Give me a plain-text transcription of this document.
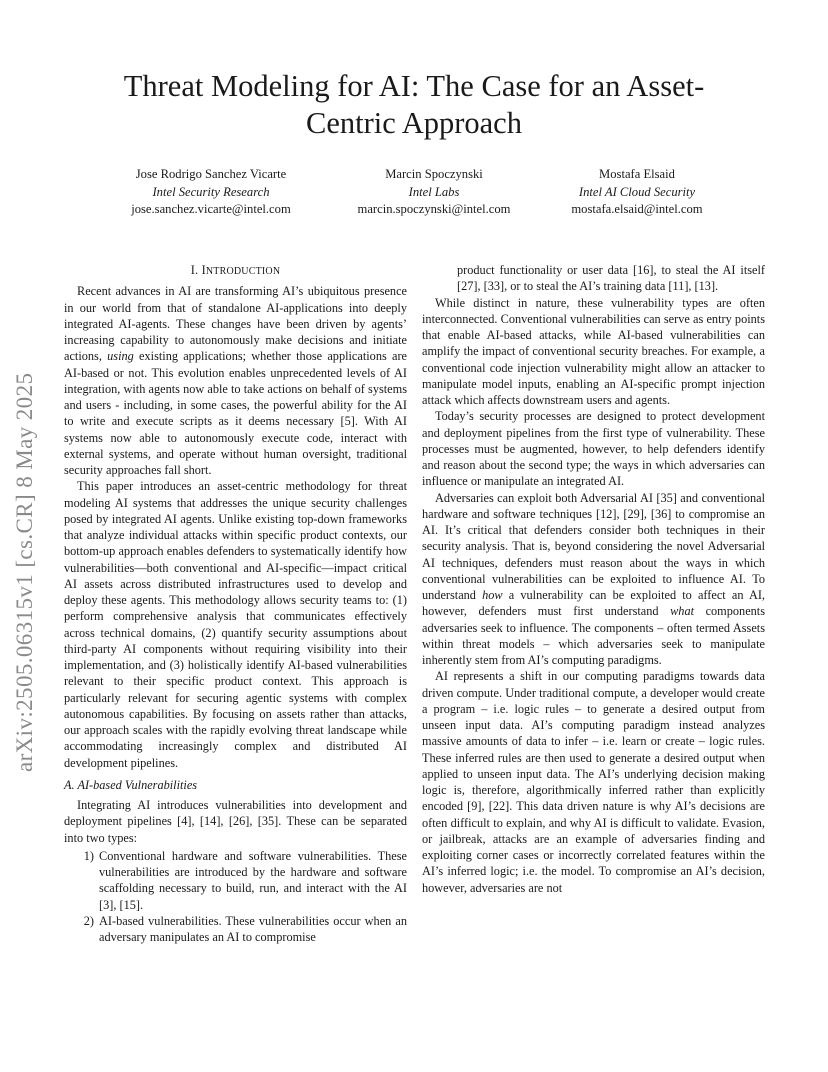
Threat Modeling for AI: The Case for an Asset-Centric Approach
Jose Rodrigo Sanchez Vicarte
Intel Security Research
jose.sanchez.vicarte@intel.com
Marcin Spoczynski
Intel Labs
marcin.spoczynski@intel.com
Mostafa Elsaid
Intel AI Cloud Security
mostafa.elsaid@intel.com
arXiv:2505.06315v1 [cs.CR] 8 May 2025
I. INTRODUCTION

Recent advances in AI are transforming AI’s ubiquitous presence in our world from that of standalone AI-applications into deeply integrated AI-agents. These changes have been driven by agents’ increasing capability to autonomously make decisions and initiate actions, using existing applications; whether those applications are AI-based or not. This evolution enables unprecedented levels of AI integration, with agents now able to take actions on behalf of systems and users - including, in some cases, the powerful ability for the AI to write and execute scripts as it deems necessary [5]. With AI systems now able to autonomously execute code, interact with external systems, and operate without human oversight, traditional security approaches fall short.

This paper introduces an asset-centric methodology for threat modeling AI systems that addresses the unique security challenges posed by integrated AI agents. Unlike existing top-down frameworks that analyze individual attacks within specific product contexts, our bottom-up approach enables defenders to systematically identify how vulnerabilities—both conventional and AI-specific—impact critical AI assets across distributed infrastructures used to develop and deploy these agents. This methodology allows security teams to: (1) perform comprehensive analysis that communicates effectively across technical domains, (2) quantify security assumptions about third-party AI components without requiring visibility into their implementation, and (3) holistically identify AI-based vulnerabilities relevant to their specific product context. This approach is particularly relevant for securing agentic systems with complex autonomous capabilities. By focusing on assets rather than attacks, our approach scales with the rapidly evolving threat landscape while accommodating increasingly complex and distributed AI development pipelines.

A. AI-based Vulnerabilities

Integrating AI introduces vulnerabilities into development and deployment pipelines [4], [14], [26], [35]. These can be separated into two types:

1) Conventional hardware and software vulnerabilities. These vulnerabilities are introduced by the hardware and software scaffolding necessary to build, run, and interact with the AI [3], [15].
2) AI-based vulnerabilities. These vulnerabilities occur when an adversary manipulates an AI to compromise
product functionality or user data [16], to steal the AI itself [27], [33], or to steal the AI’s training data [11], [13].

While distinct in nature, these vulnerability types are often interconnected. Conventional vulnerabilities can serve as entry points that enable AI-based attacks, while AI-based vulnerabilities can amplify the impact of conventional security breaches. For example, a conventional code injection vulnerability might allow an attacker to manipulate model inputs, enabling an AI-specific prompt injection attack which affects downstream users and agents.

Today’s security processes are designed to protect development and deployment pipelines from the first type of vulnerability. These processes must be augmented, however, to help defenders identify and reason about the second type; the ways in which adversaries can influence or manipulate an integrated AI.

Adversaries can exploit both Adversarial AI [35] and conventional hardware and software techniques [12], [29], [36] to compromise an AI. It’s critical that defenders consider both techniques in their security analysis. That is, beyond considering the novel Adversarial AI techniques, defenders must reason about the ways in which conventional vulnerabilities can be exploited to influence AI. To understand how a vulnerability can be exploited to affect an AI, however, defenders must first understand what components adversaries seek to influence. The components – often termed Assets within threat models – which adversaries seek to manipulate inherently stem from AI’s computing paradigms.

AI represents a shift in our computing paradigms towards data driven compute. Under traditional compute, a developer would create a program – i.e. logic rules – to generate a desired output from unseen input data. AI’s computing paradigm instead analyzes massive amounts of data to infer – i.e. learn or create – logic rules. These inferred rules are then used to generate a desired output when applied to unseen input data. The AI’s underlying decision making logic is, therefore, algorithmically inferred rather than explicitly encoded [9], [22]. This data driven nature is why AI’s decisions are often difficult to explain, and why AI is difficult to validate. Evasion, or jailbreak, attacks are an example of adversaries finding and exploiting corner cases or incorrectly correlated features within the AI’s inferred logic; i.e. the model. To compromise an AI’s decision, however, adversaries are not
